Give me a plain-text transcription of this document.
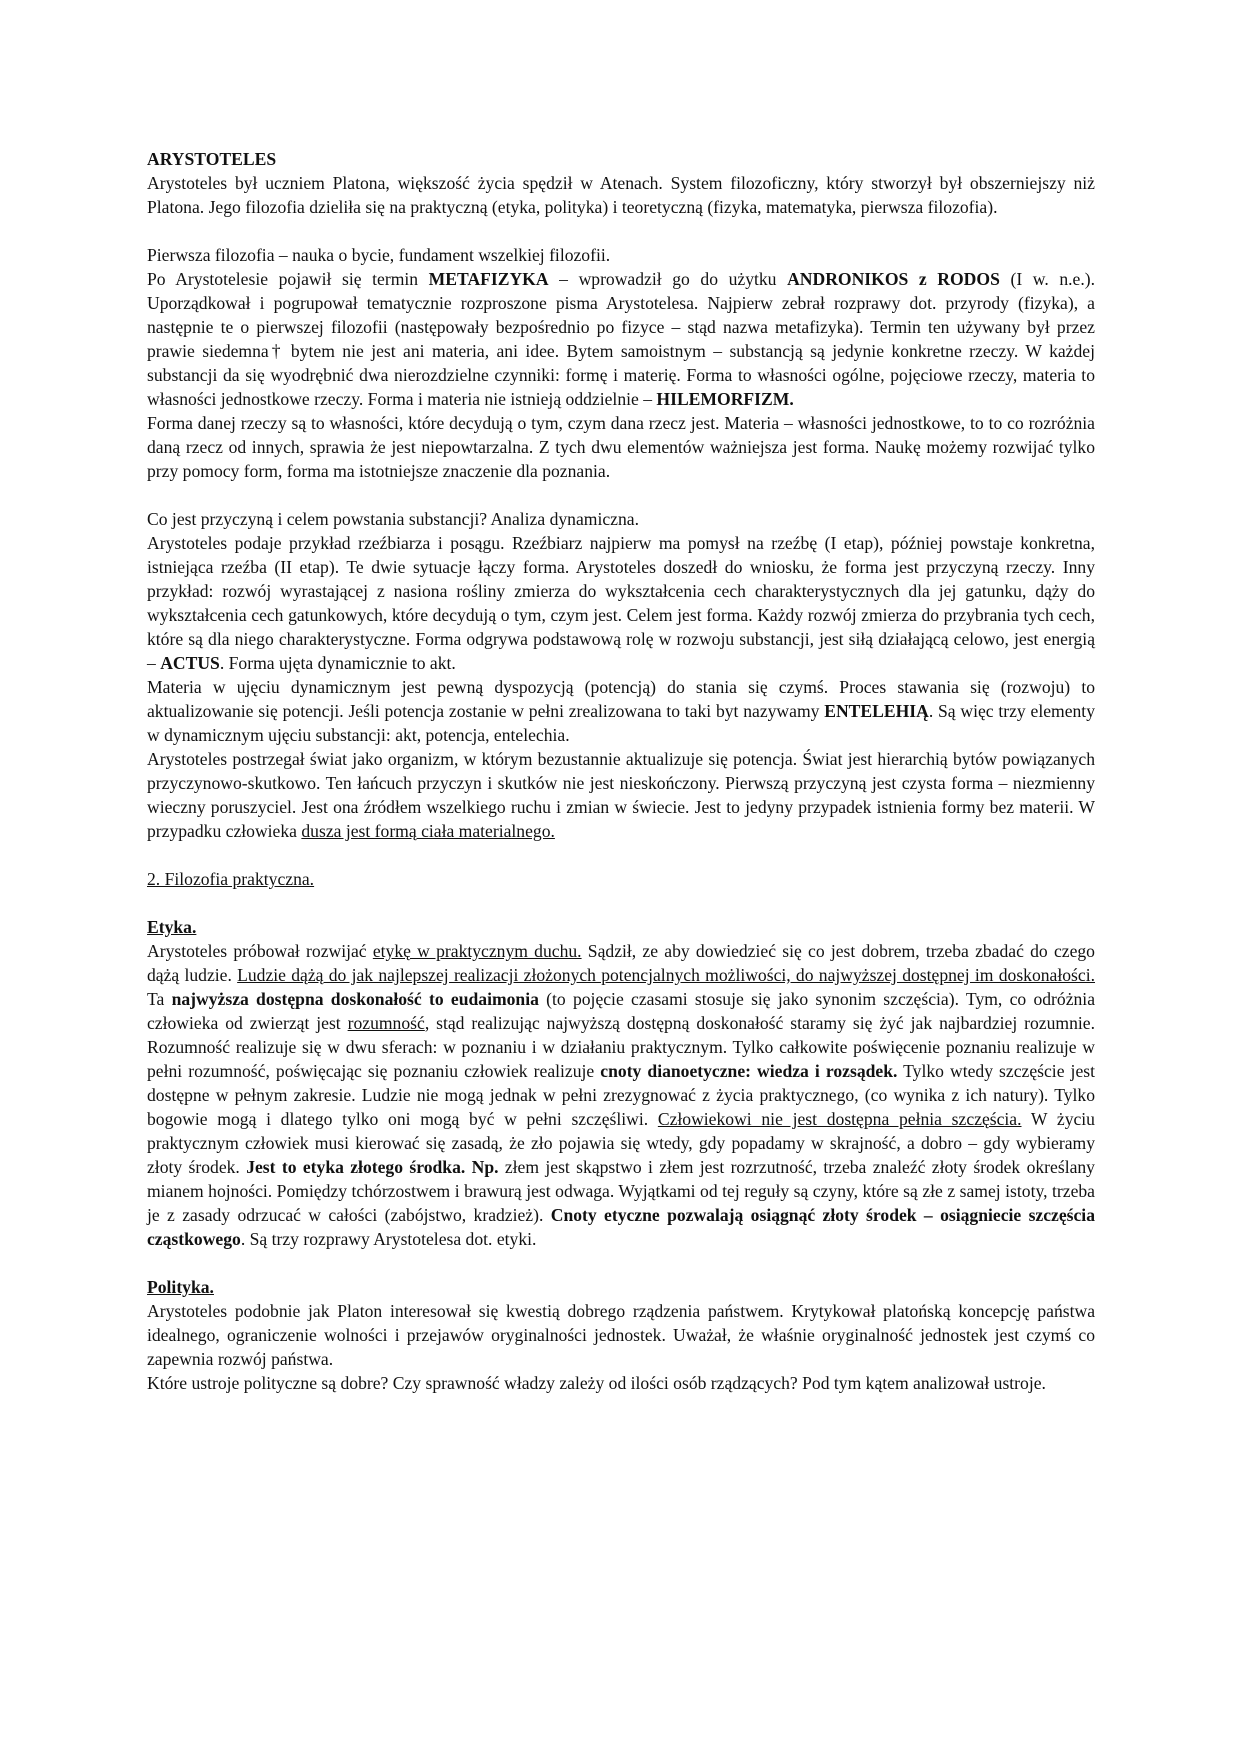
ARYSTOTELES

Arystoteles był uczniem Platona, większość życia spędził w Atenach. System filozoficzny, który stworzył był obszerniejszy niż Platona. Jego filozofia dzieliła się na praktyczną (etyka, polityka) i teoretyczną (fizyka, matematyka, pierwsza filozofia).

Pierwsza filozofia – nauka o bycie, fundament wszelkiej filozofii.

Po Arystotelesie pojawił się termin METAFIZYKA – wprowadził go do użytku ANDRONIKOS z RODOS (I w. n.e.). Uporządkował i pogrupował tematycznie rozproszone pisma Arystotelesa. Najpierw zebrał rozprawy dot. przyrody (fizyka), a następnie te o pierwszej filozofii (następowały bezpośrednio po fizyce – stąd nazwa metafizyka). Termin ten używany był przez prawie siedemna† bytem nie jest ani materia, ani idee. Bytem samoistnym – substancją są jedynie konkretne rzeczy. W każdej substancji da się wyodrębnić dwa nierozdzielne czynniki: formę i materię. Forma to własności ogólne, pojęciowe rzeczy, materia to własności jednostkowe rzeczy. Forma i materia nie istnieją oddzielnie – HILEMORFIZM.

Forma danej rzeczy są to własności, które decydują o tym, czym dana rzecz jest. Materia – własności jednostkowe, to to co rozróżnia daną rzecz od innych, sprawia że jest niepowtarzalna. Z tych dwu elementów ważniejsza jest forma. Naukę możemy rozwijać tylko przy pomocy form, forma ma istotniejsze znaczenie dla poznania.

Co jest przyczyną i celem powstania substancji? Analiza dynamiczna.

Arystoteles podaje przykład rzeźbiarza i posągu. Rzeźbiarz najpierw ma pomysł na rzeźbę (I etap), później powstaje konkretna, istniejąca rzeźba (II etap). Te dwie sytuacje łączy forma. Arystoteles doszedł do wniosku, że forma jest przyczyną rzeczy. Inny przykład: rozwój wyrastającej z nasiona rośliny zmierza do wykształcenia cech charakterystycznych dla jej gatunku, dąży do wykształcenia cech gatunkowych, które decydują o tym, czym jest. Celem jest forma. Każdy rozwój zmierza do przybrania tych cech, które są dla niego charakterystyczne. Forma odgrywa podstawową rolę w rozwoju substancji, jest siłą działającą celowo, jest energią – ACTUS. Forma ujęta dynamicznie to akt.

Materia w ujęciu dynamicznym jest pewną dyspozycją (potencją) do stania się czymś. Proces stawania się (rozwoju) to aktualizowanie się potencji. Jeśli potencja zostanie w pełni zrealizowana to taki byt nazywamy ENTELEHIĄ. Są więc trzy elementy w dynamicznym ujęciu substancji: akt, potencja, entelechia.

Arystoteles postrzegał świat jako organizm, w którym bezustannie aktualizuje się potencja. Świat jest hierarchią bytów powiązanych przyczynowo-skutkowo. Ten łańcuch przyczyn i skutków nie jest nieskończony. Pierwszą przyczyną jest czysta forma – niezmienny wieczny poruszyciel. Jest ona źródłem wszelkiego ruchu i zmian w świecie. Jest to jedyny przypadek istnienia formy bez materii. W przypadku człowieka dusza jest formą ciała materialnego.

2. Filozofia praktyczna.

Etyka.

Arystoteles próbował rozwijać etykę w praktycznym duchu. Sądził, ze aby dowiedzieć się co jest dobrem, trzeba zbadać do czego dążą ludzie. Ludzie dążą do jak najlepszej realizacji złożonych potencjalnych możliwości, do najwyższej dostępnej im doskonałości. Ta najwyższa dostępna doskonałość to eudaimonia (to pojęcie czasami stosuje się jako synonim szczęścia). Tym, co odróżnia człowieka od zwierząt jest rozumność, stąd realizując najwyższą dostępną doskonałość staramy się żyć jak najbardziej rozumnie. Rozumność realizuje się w dwu sferach: w poznaniu i w działaniu praktycznym. Tylko całkowite poświęcenie poznaniu realizuje w pełni rozumność, poświęcając się poznaniu człowiek realizuje cnoty dianoetyczne: wiedza i rozsądek. Tylko wtedy szczęście jest dostępne w pełnym zakresie. Ludzie nie mogą jednak w pełni zrezygnować z życia praktycznego, (co wynika z ich natury). Tylko bogowie mogą i dlatego tylko oni mogą być w pełni szczęśliwi. Człowiekowi nie jest dostępna pełnia szczęścia. W życiu praktycznym człowiek musi kierować się zasadą, że zło pojawia się wtedy, gdy popadamy w skrajność, a dobro – gdy wybieramy złoty środek. Jest to etyka złotego środka. Np. złem jest skąpstwo i złem jest rozrzutność, trzeba znaleźć złoty środek określany mianem hojności. Pomiędzy tchórzostwem i brawurą jest odwaga. Wyjątkami od tej reguły są czyny, które są złe z samej istoty, trzeba je z zasady odrzucać w całości (zabójstwo, kradzież). Cnoty etyczne pozwalają osiągnąć złoty środek – osiągniecie szczęścia cząstkowego. Są trzy rozprawy Arystotelesa dot. etyki.

Polityka.

Arystoteles podobnie jak Platon interesował się kwestią dobrego rządzenia państwem. Krytykował platońską koncepcję państwa idealnego, ograniczenie wolności i przejawów oryginalności jednostek. Uważał, że właśnie oryginalność jednostek jest czymś co zapewnia rozwój państwa.

Które ustroje polityczne są dobre? Czy sprawność władzy zależy od ilości osób rządzących? Pod tym kątem analizował ustroje.
